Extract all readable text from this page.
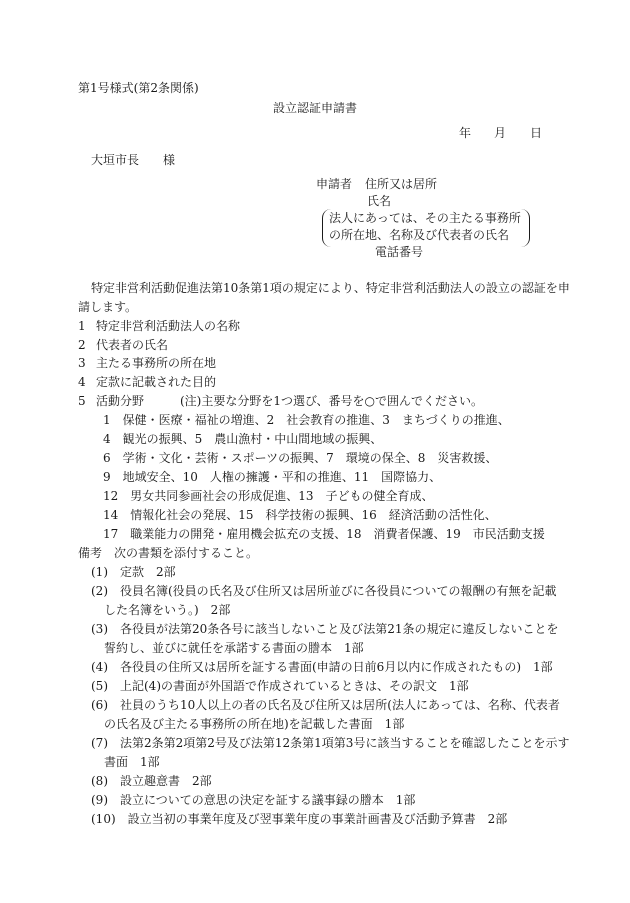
第1号様式(第2条関係)
設立認証申請書
年 月 日
大垣市長　　様
申請者 住所又は居所
氏名
法人にあっては、その主たる事務所
の所在地、名称及び代表者の氏名
電話番号
特定非営利活動促進法第10条第1項の規定により、特定非営利活動法人の設立の認証を申
請します。
1 特定非営利活動法人の名称
2 代表者の氏名
3 主たる事務所の所在地
4 定款に記載された目的
5 活動分野	(注)主要な分野を1つ選び、番号を○で囲んでください。
1　保健・医療・福祉の増進、2　社会教育の推進、3　まちづくりの推進、
4　観光の振興、5　農山漁村・中山間地域の振興、
6　学術・文化・芸術・スポーツの振興、7　環境の保全、8　災害救援、
9　地域安全、10　人権の擁護・平和の推進、11　国際協力、
12　男女共同参画社会の形成促進、13　子どもの健全育成、
14　情報化社会の発展、15　科学技術の振興、16　経済活動の活性化、
17　職業能力の開発・雇用機会拡充の支援、18　消費者保護、19　市民活動支援
備考　次の書類を添付すること。
(1)　定款　2部
(2)　役員名簿(役員の氏名及び住所又は居所並びに各役員についての報酬の有無を記載
した名簿をいう。)　2部
(3)　各役員が法第20条各号に該当しないこと及び法第21条の規定に違反しないことを
誓約し、並びに就任を承諾する書面の謄本　1部
(4)　各役員の住所又は居所を証する書面(申請の日前6月以内に作成されたもの)　1部
(5)　上記(4)の書面が外国語で作成されているときは、その訳文　1部
(6)　社員のうち10人以上の者の氏名及び住所又は居所(法人にあっては、名称、代表者
の氏名及び主たる事務所の所在地)を記載した書面　1部
(7)　法第2条第2項第2号及び法第12条第1項第3号に該当することを確認したことを示す
書面　1部
(8)　設立趣意書　2部
(9)　設立についての意思の決定を証する議事録の謄本　1部
(10)　設立当初の事業年度及び翌事業年度の事業計画書及び活動予算書　2部
